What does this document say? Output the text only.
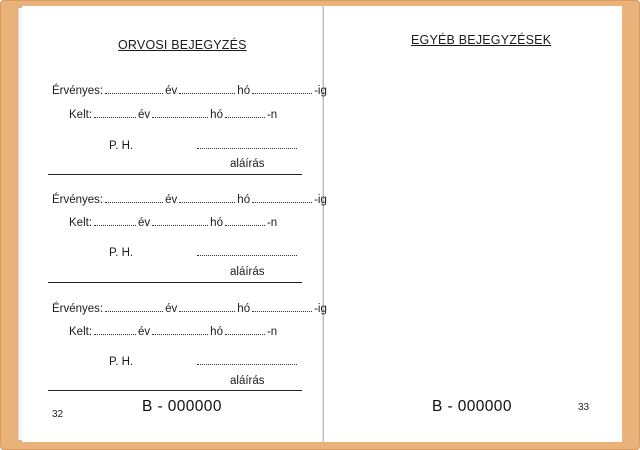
ORVOSI BEJEGYZÉS
Érvényes:	év	hó	-ig
Kelt:	év	hó	-n
P. H.
aláírás
Érvényes:	év	hó	-ig
Kelt:	év	hó	-n
P. H.
aláírás
Érvényes:	év	hó	-ig
Kelt:	év	hó	-n
P. H.
aláírás
B - 000000
32
EGYÉB BEJEGYZÉSEK
B - 000000	33
